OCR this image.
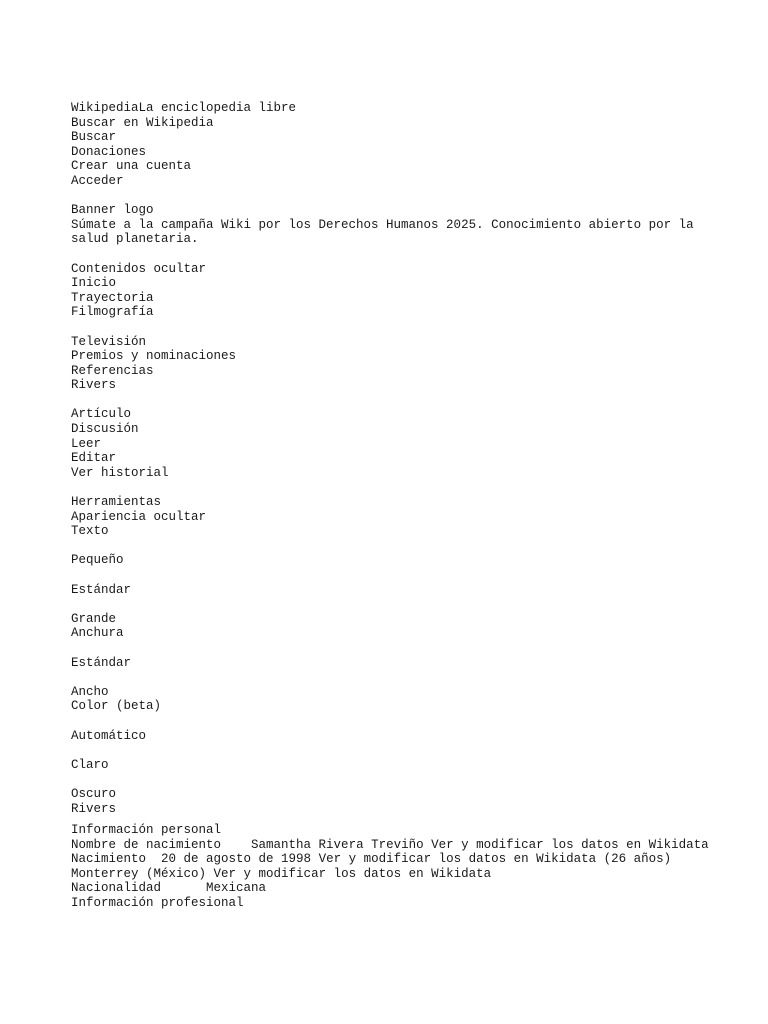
WikipediaLa enciclopedia libre
Buscar en Wikipedia
Buscar
Donaciones
Crear una cuenta
Acceder
Banner logo
Súmate a la campaña Wiki por los Derechos Humanos 2025. Conocimiento abierto por la salud planetaria.
Contenidos ocultar
Inicio
Trayectoria
Filmografía
Televisión
Premios y nominaciones
Referencias
Rivers
Artículo
Discusión
Leer
Editar
Ver historial
Herramientas
Apariencia ocultar
Texto
Pequeño
Estándar
Grande
Anchura
Estándar
Ancho
Color (beta)
Automático
Claro
Oscuro
Rivers
Información personal
Nombre de nacimiento Samantha Rivera Treviño Ver y modificar los datos en Wikidata
Nacimiento 20 de agosto de 1998 Ver y modificar los datos en Wikidata (26 años)
Monterrey (México) Ver y modificar los datos en Wikidata
Nacionalidad	Mexicana
Información profesional
